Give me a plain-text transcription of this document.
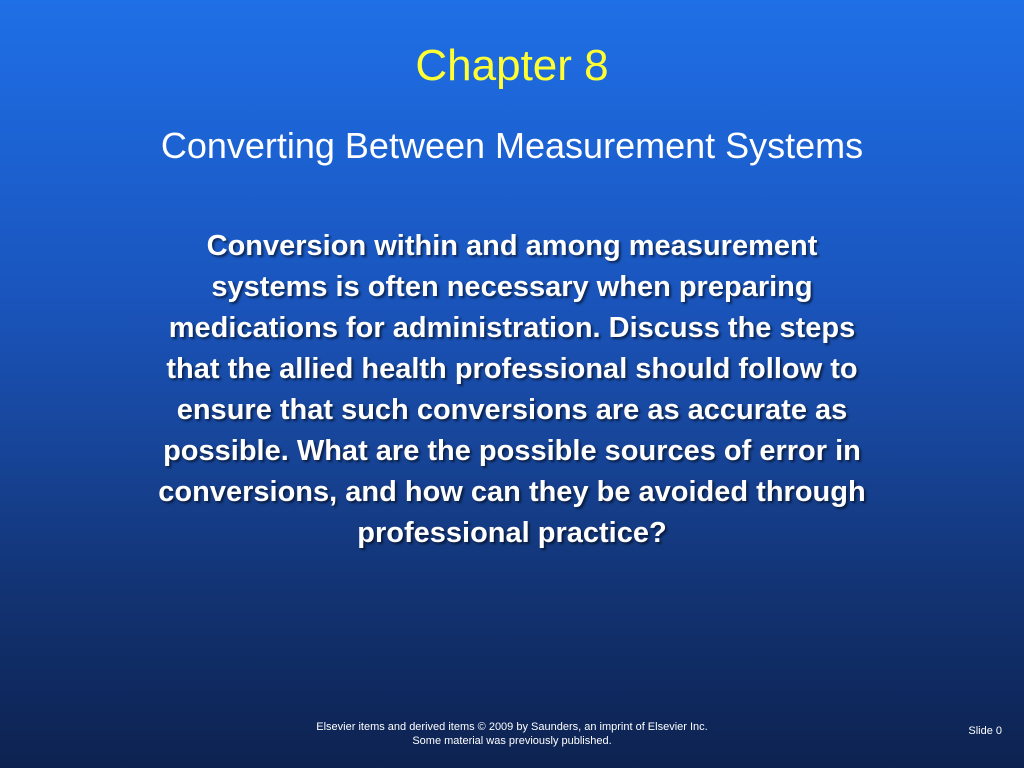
Chapter 8
Converting Between Measurement Systems
Conversion within and among measurement systems is often necessary when preparing medications for administration. Discuss the steps that the allied health professional should follow to ensure that such conversions are as accurate as possible. What are the possible sources of error in conversions, and how can they be avoided through professional practice?
Elsevier items and derived items © 2009 by Saunders, an imprint of Elsevier Inc.
Some material was previously published.
Slide 0
